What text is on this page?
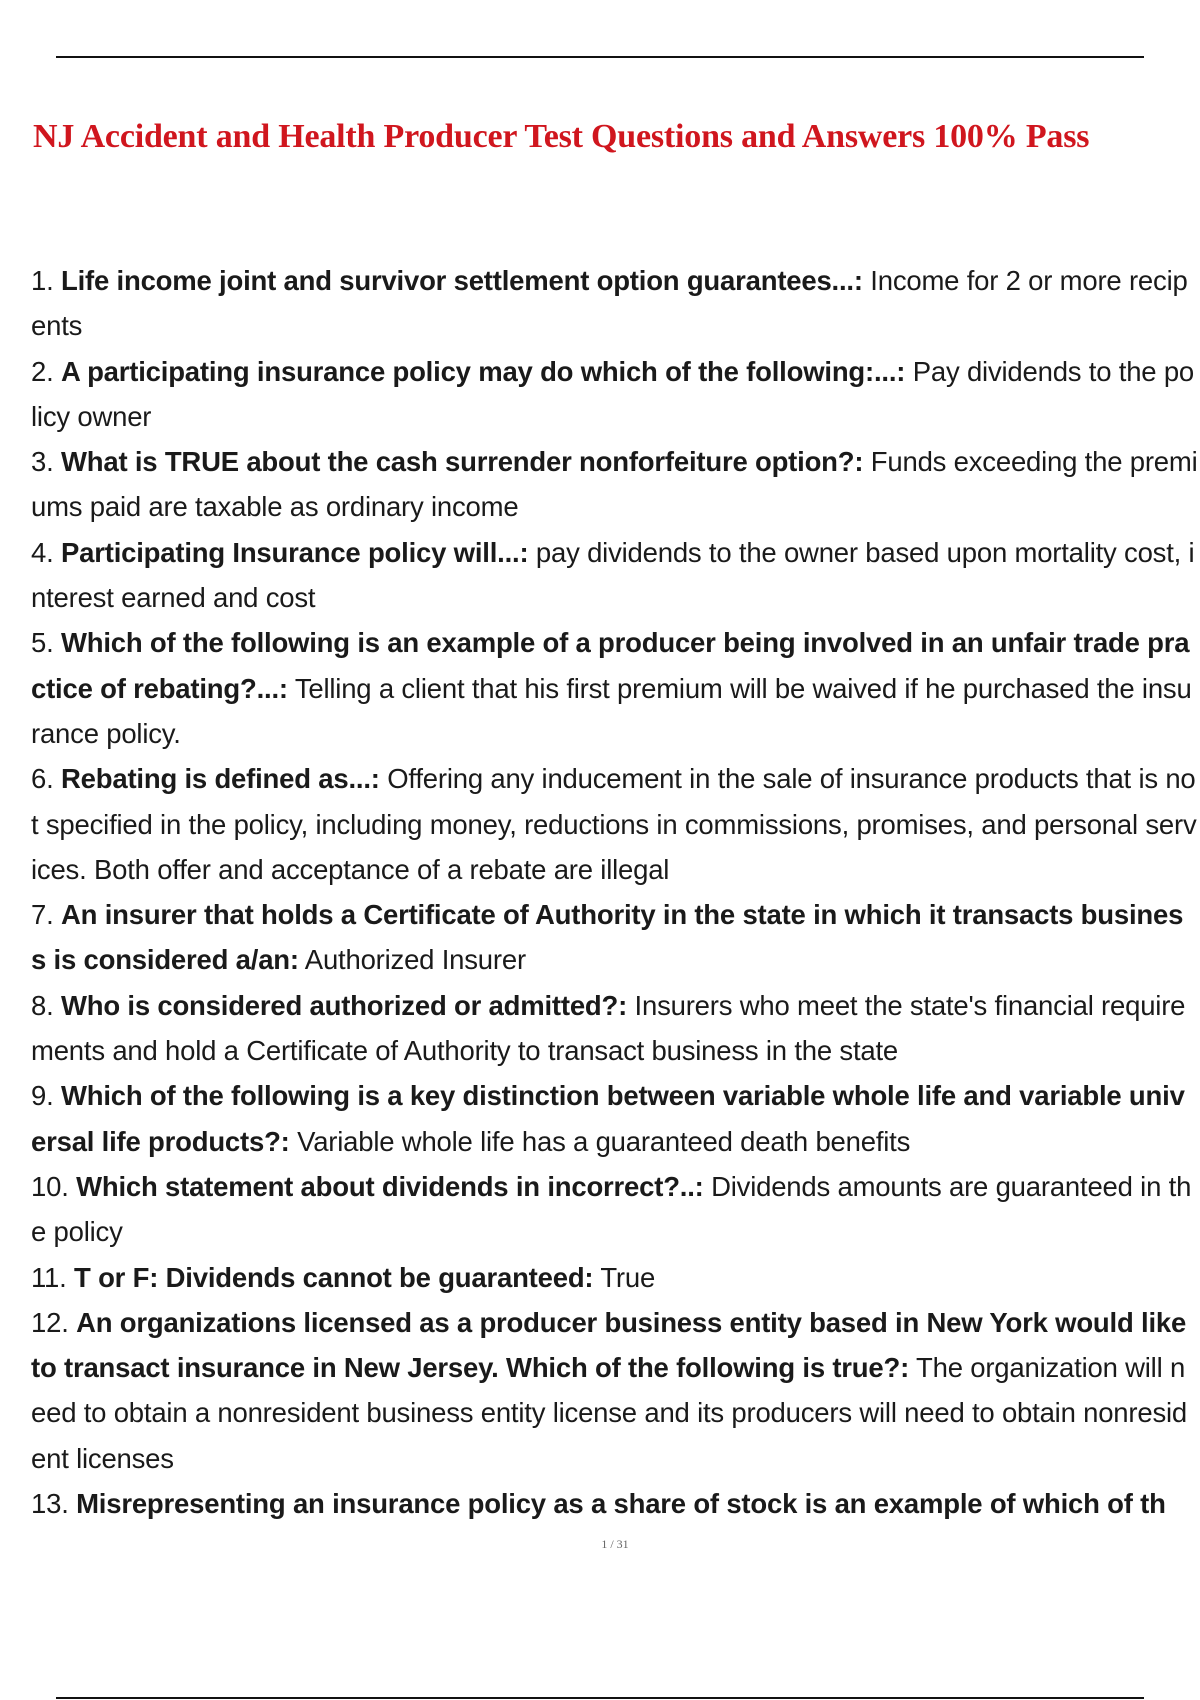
NJ Accident and Health Producer Test Questions and Answers 100% Pass
1. Life income joint and survivor settlement option guarantees...: Income for 2 or more recipents
2. A participating insurance policy may do which of the following:...: Pay dividends to the policy owner
3. What is TRUE about the cash surrender nonforfeiture option?: Funds exceeding the premiums paid are taxable as ordinary income
4. Participating Insurance policy will...: pay dividends to the owner based upon mortality cost, interest earned and cost
5. Which of the following is an example of a producer being involved in an unfair trade practice of rebating?...: Telling a client that his first premium will be waived if he purchased the insurance policy.
6. Rebating is defined as...: Offering any inducement in the sale of insurance products that is not specified in the policy, including money, reductions in commissions, promises, and personal services. Both offer and acceptance of a rebate are illegal
7. An insurer that holds a Certificate of Authority in the state in which it transacts business is considered a/an: Authorized Insurer
8. Who is considered authorized or admitted?: Insurers who meet the state's financial requirements and hold a Certificate of Authority to transact business in the state
9. Which of the following is a key distinction between variable whole life and variable universal life products?: Variable whole life has a guaranteed death benefits
10. Which statement about dividends in incorrect?..: Dividends amounts are guaranteed in the policy
11. T or F: Dividends cannot be guaranteed: True
12. An organizations licensed as a producer business entity based in New York would like to transact insurance in New Jersey. Which of the following is true?: The organization will need to obtain a nonresident business entity license and its producers will need to obtain nonresident licenses
13. Misrepresenting an insurance policy as a share of stock is an example of which of th
1 / 31
